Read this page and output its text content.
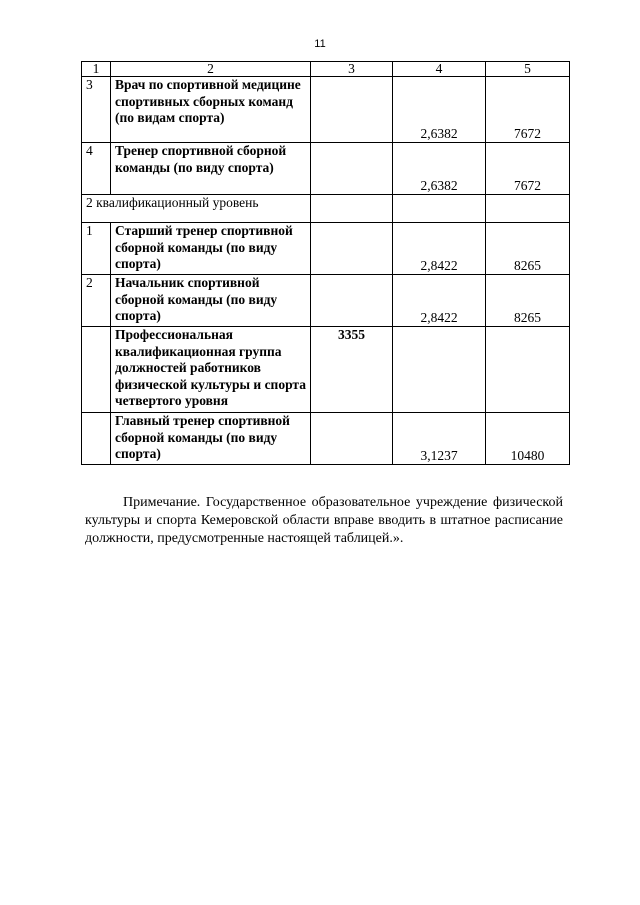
11
1	2	3	4	5
3	Врач по спортивной медицине спортивных сборных команд (по видам спорта)		2,6382	7672
4	Тренер спортивной сборной команды (по виду спорта)		2,6382	7672
2 квалификационный уровень				
1	Старший тренер спортивной сборной команды (по виду спорта)		2,8422	8265
2	Начальник спортивной сборной команды (по виду спорта)		2,8422	8265
	Профессиональная квалификационная группа должностей работников физической культуры и спорта четвертого уровня	3355		
	Главный тренер спортивной сборной команды (по виду спорта)		3,1237	10480
Примечание. Государственное образовательное учреждение физической культуры и спорта Кемеровской области вправе вводить в штатное расписание должности, предусмотренные настоящей таблицей.».
